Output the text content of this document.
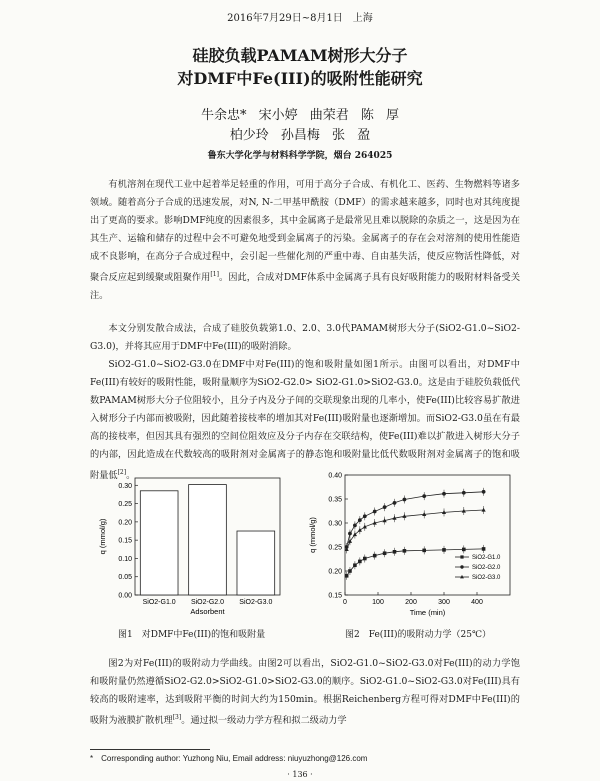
2016年7月29日~8月1日　上海
硅胶负载PAMAM树形大分子
对DMF中Fe(III)的吸附性能研究
牛余忠* 宋小婷 曲荣君 陈 厚
柏少玲 孙昌梅 张 盈
鲁东大学化学与材料科学学院，烟台 264025

有机溶剂在现代工业中起着举足轻重的作用，可用于高分子合成、有机化工、医药、生物燃料等诸多领域。随着高分子合成的迅速发展，对N, N-二甲基甲酰胺（DMF）的需求越来越多，同时也对其纯度提出了更高的要求。影响DMF纯度的因素很多，其中金属离子是最常见且难以脱除的杂质之一，这是因为在其生产、运输和储存的过程中会不可避免地受到金属离子的污染。金属离子的存在会对溶剂的使用性能造成不良影响，在高分子合成过程中，会引起一些催化剂的严重中毒、自由基失活，使反应物活性降低，对聚合反应起到缓聚或阻聚作用[1]。因此，合成对DMF体系中金属离子具有良好吸附能力的吸附材料备受关注。

本文分别发散合成法，合成了硅胶负载第1.0、2.0、3.0代PAMAM树形大分子(SiO2-G1.0~SiO2-G3.0)，并将其应用于DMF中Fe(III)的吸附消除。

SiO2-G1.0~SiO2-G3.0在DMF中对Fe(III)的饱和吸附量如图1所示。由图可以看出，对DMF中Fe(III)有较好的吸附性能，吸附量顺序为SiO2-G2.0> SiO2-G1.0>SiO2-G3.0。这是由于硅胶负载低代数PAMAM树形大分子位阻较小，且分子内及分子间的交联现象出现的几率小，使Fe(III)比较容易扩散进入树形分子内部而被吸附，因此随着接枝率的增加其对Fe(III)吸附量也逐渐增加。而SiO2-G3.0虽在有最高的接枝率，但因其具有强烈的空间位阻效应及分子内存在交联结构，使Fe(III)难以扩散进入树形大分子的内部，因此造成在代数较高的吸附剂对金属离子的静态饱和吸附量比低代数吸附剂对金属离子的饱和吸附量低[2]。

0.00
0.05
0.10
0.15
0.20
0.25
0.30
SiO2-G1.0 SiO2-G2.0 SiO2-G3.0
Adsorbent
q (mmol/g)
0.15
0.20
0.25
0.30
0.35
0.40
0	100	200	300	400
Time (min)
q (mmol/g)
SiO2-G1.0
SiO2-G2.0
SiO2-G3.0
图1　对DMF中Fe(III)的饱和吸附量	图2　Fe(III)的吸附动力学（25℃）

图2为对Fe(III)的吸附动力学曲线。由图2可以看出，SiO2-G1.0~SiO2-G3.0对Fe(III)的动力学饱和吸附量仍然遵循SiO2-G2.0>SiO2-G1.0>SiO2-G3.0的顺序。SiO2-G1.0~SiO2-G3.0对Fe(III)具有较高的吸附速率，达到吸附平衡的时间大约为150min。根据Reichenberg方程可得对DMF中Fe(III)的吸附为液膜扩散机理[3]。通过拟一级动力学方程和拟二级动力学

*　Corresponding author: Yuzhong Niu, Email address: niuyuzhong@126.com
· 136 ·
